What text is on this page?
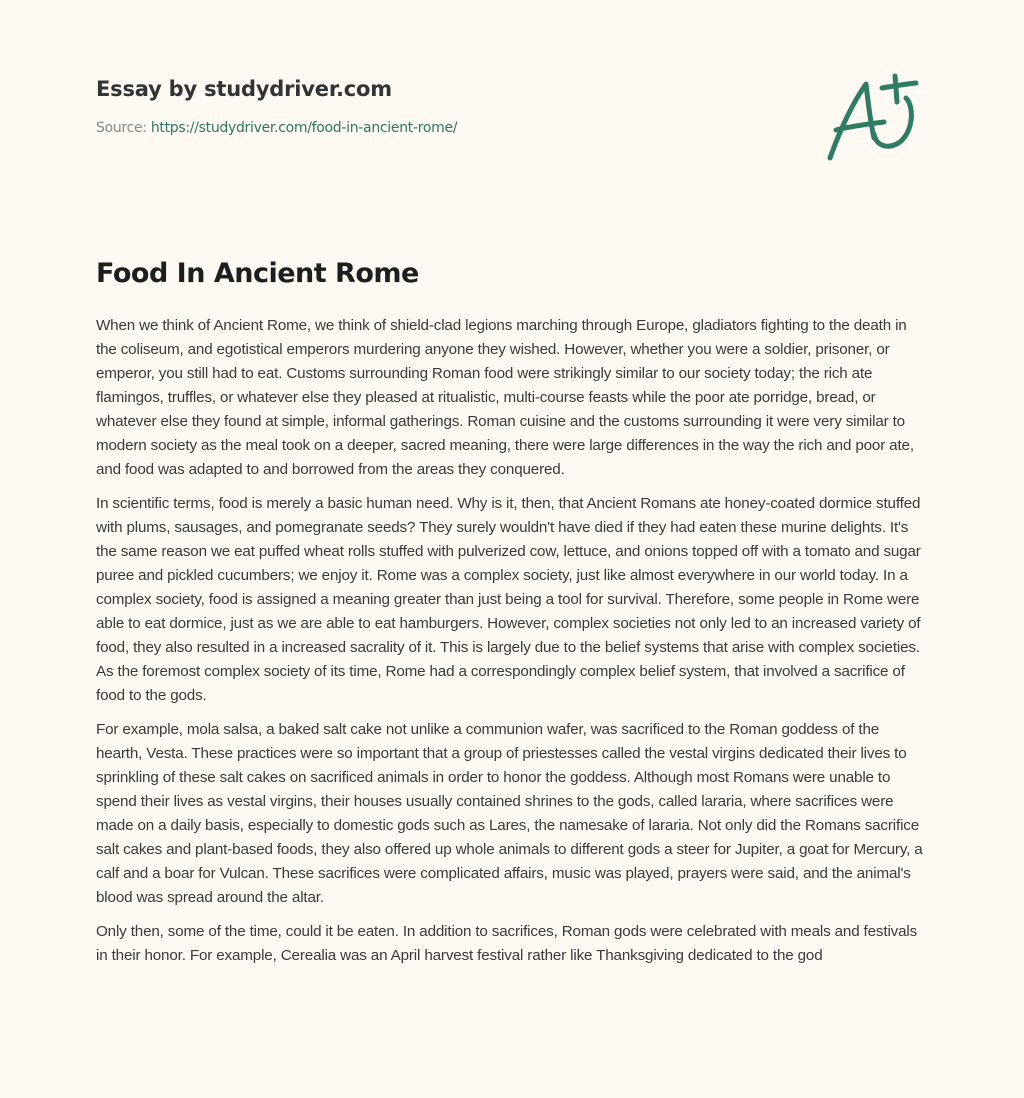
Essay by studydriver.com
Source: https://studydriver.com/food-in-ancient-rome/
Food In Ancient Rome

When we think of Ancient Rome, we think of shield-clad legions marching through Europe, gladiators fighting to the death in the coliseum, and egotistical emperors murdering anyone they wished. However, whether you were a soldier, prisoner, or emperor, you still had to eat. Customs surrounding Roman food were strikingly similar to our society today; the rich ate flamingos, truffles, or whatever else they pleased at ritualistic, multi-course feasts while the poor ate porridge, bread, or whatever else they found at simple, informal gatherings. Roman cuisine and the customs surrounding it were very similar to modern society as the meal took on a deeper, sacred meaning, there were large differences in the way the rich and poor ate, and food was adapted to and borrowed from the areas they conquered.

In scientific terms, food is merely a basic human need. Why is it, then, that Ancient Romans ate honey-coated dormice stuffed with plums, sausages, and pomegranate seeds? They surely wouldn't have died if they had eaten these murine delights. It's the same reason we eat puffed wheat rolls stuffed with pulverized cow, lettuce, and onions topped off with a tomato and sugar puree and pickled cucumbers; we enjoy it. Rome was a complex society, just like almost everywhere in our world today. In a complex society, food is assigned a meaning greater than just being a tool for survival. Therefore, some people in Rome were able to eat dormice, just as we are able to eat hamburgers. However, complex societies not only led to an increased variety of food, they also resulted in a increased sacrality of it. This is largely due to the belief systems that arise with complex societies. As the foremost complex society of its time, Rome had a correspondingly complex belief system, that involved a sacrifice of food to the gods.

For example, mola salsa, a baked salt cake not unlike a communion wafer, was sacrificed to the Roman goddess of the hearth, Vesta. These practices were so important that a group of priestesses called the vestal virgins dedicated their lives to sprinkling of these salt cakes on sacrificed animals in order to honor the goddess. Although most Romans were unable to spend their lives as vestal virgins, their houses usually contained shrines to the gods, called lararia, where sacrifices were made on a daily basis, especially to domestic gods such as Lares, the namesake of lararia. Not only did the Romans sacrifice salt cakes and plant-based foods, they also offered up whole animals to different gods a steer for Jupiter, a goat for Mercury, a calf and a boar for Vulcan. These sacrifices were complicated affairs, music was played, prayers were said, and the animal's blood was spread around the altar.

Only then, some of the time, could it be eaten. In addition to sacrifices, Roman gods were celebrated with meals and festivals in their honor. For example, Cerealia was an April harvest festival rather like Thanksgiving dedicated to the god
